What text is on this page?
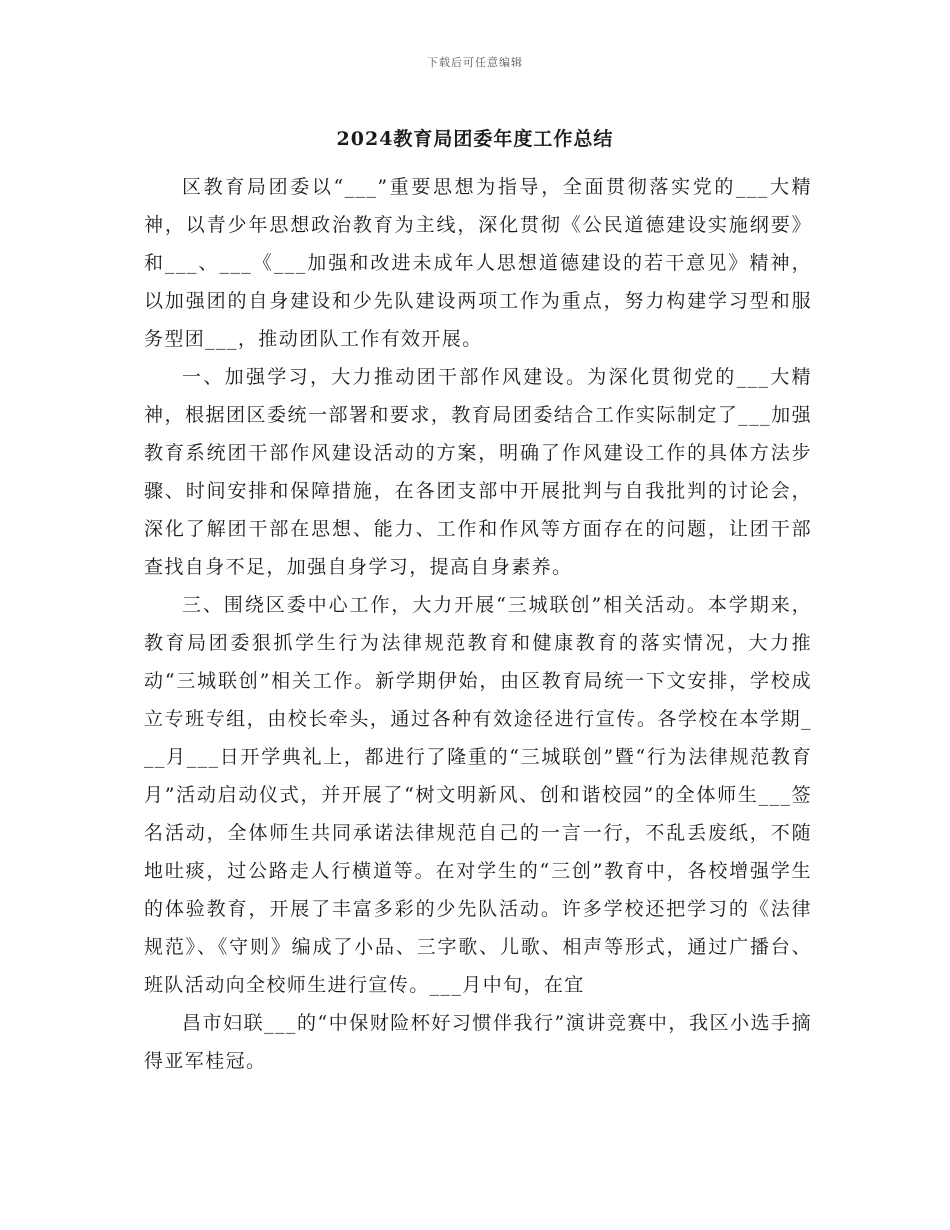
下载后可任意编辑
2024教育局团委年度工作总结

区教育局团委以“___”重要思想为指导，全面贯彻落实党的___大精神，以青少年思想政治教育为主线，深化贯彻《公民道德建设实施纲要》和___、___《___加强和改进未成年人思想道德建设的若干意见》精神，以加强团的自身建设和少先队建设两项工作为重点，努力构建学习型和服务型团___，推动团队工作有效开展。

一、加强学习，大力推动团干部作风建设。为深化贯彻党的___大精神，根据团区委统一部署和要求，教育局团委结合工作实际制定了___加强教育系统团干部作风建设活动的方案，明确了作风建设工作的具体方法步骤、时间安排和保障措施，在各团支部中开展批判与自我批判的讨论会，深化了解团干部在思想、能力、工作和作风等方面存在的问题，让团干部查找自身不足，加强自身学习，提高自身素养。

三、围绕区委中心工作，大力开展“三城联创”相关活动。本学期来，教育局团委狠抓学生行为法律规范教育和健康教育的落实情况，大力推动“三城联创”相关工作。新学期伊始，由区教育局统一下文安排，学校成立专班专组，由校长牵头，通过各种有效途径进行宣传。各学校在本学期___月___日开学典礼上，都进行了隆重的“三城联创”暨“行为法律规范教育月”活动启动仪式，并开展了“树文明新风、创和谐校园”的全体师生___签名活动，全体师生共同承诺法律规范自己的一言一行，不乱丢废纸，不随地吐痰，过公路走人行横道等。在对学生的“三创”教育中，各校增强学生的体验教育，开展了丰富多彩的少先队活动。许多学校还把学习的《法律规范》、《守则》编成了小品、三字歌、儿歌、相声等形式，通过广播台、班队活动向全校师生进行宣传。___月中旬，在宜

昌市妇联___的“中保财险杯好习惯伴我行”演讲竞赛中，我区小选手摘得亚军桂冠。
